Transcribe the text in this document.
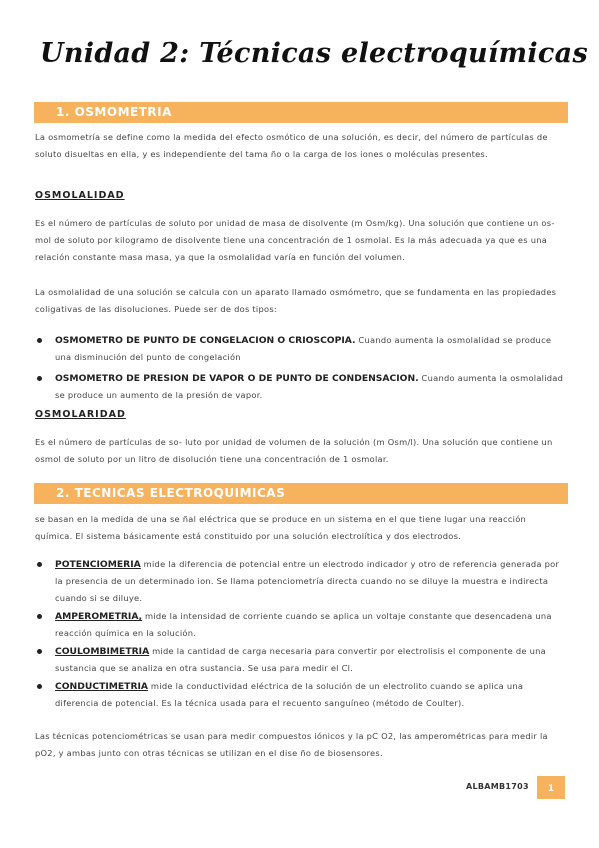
Unidad 2: Técnicas electroquímicas
1. OSMOMETRIA
La osmometría se define como la medida del efecto osmótico de una solución, es decir, del número de partículas de soluto disueltas en ella, y es independiente del tama ño o la carga de los iones o moléculas presentes.
OSMOLALIDAD
Es el número de partículas de soluto por unidad de masa de disolvente (m Osm/kg). Una solución que contiene un os- mol de soluto por kilogramo de disolvente tiene una concentración de 1 osmolal. Es la más adecuada ya que es una relación constante masa masa, ya que la osmolalidad varía en función del volumen.
La osmolalidad de una solución se calcula con un aparato llamado osmómetro, que se fundamenta en las propiedades coligativas de las disoluciones. Puede ser de dos tipos:
OSMOMETRO DE PUNTO DE CONGELACION O CRIOSCOPIA. Cuando aumenta la osmolalidad se produce una disminución del punto de congelación
OSMOMETRO DE PRESION DE VAPOR O DE PUNTO DE CONDENSACION. Cuando aumenta la osmolalidad se produce un aumento de la presión de vapor.
OSMOLARIDAD
Es el número de partículas de so- luto por unidad de volumen de la solución (m Osm/l). Una solución que contiene un osmol de soluto por un litro de disolución tiene una concentración de 1 osmolar.
2. TECNICAS ELECTROQUIMICAS
se basan en la medida de una se ñal eléctrica que se produce en un sistema en el que tiene lugar una reacción química. El sistema básicamente está constituido por una solución electrolítica y dos electrodos.
POTENCIOMERIA mide la diferencia de potencial entre un electrodo indicador y otro de referencia generada por la presencia de un determinado ion. Se llama potenciometría directa cuando no se diluye la muestra e indirecta cuando si se diluye.
AMPEROMETRIA, mide la intensidad de corriente cuando se aplica un voltaje constante que desencadena una reacción química en la solución.
COULOMBIMETRIA mide la cantidad de carga necesaria para convertir por electrolisis el componente de una sustancia que se analiza en otra sustancia. Se usa para medir el Cl.
CONDUCTIMETRIA mide la conductividad eléctrica de la solución de un electrolito cuando se aplica una diferencia de potencial. Es la técnica usada para el recuento sanguíneo (método de Coulter).
Las técnicas potenciométricas se usan para medir compuestos iónicos y la pC O2, las amperométricas para medir la pO2, y ambas junto con otras técnicas se utilizan en el dise ño de biosensores.
ALBAMB1703	1
